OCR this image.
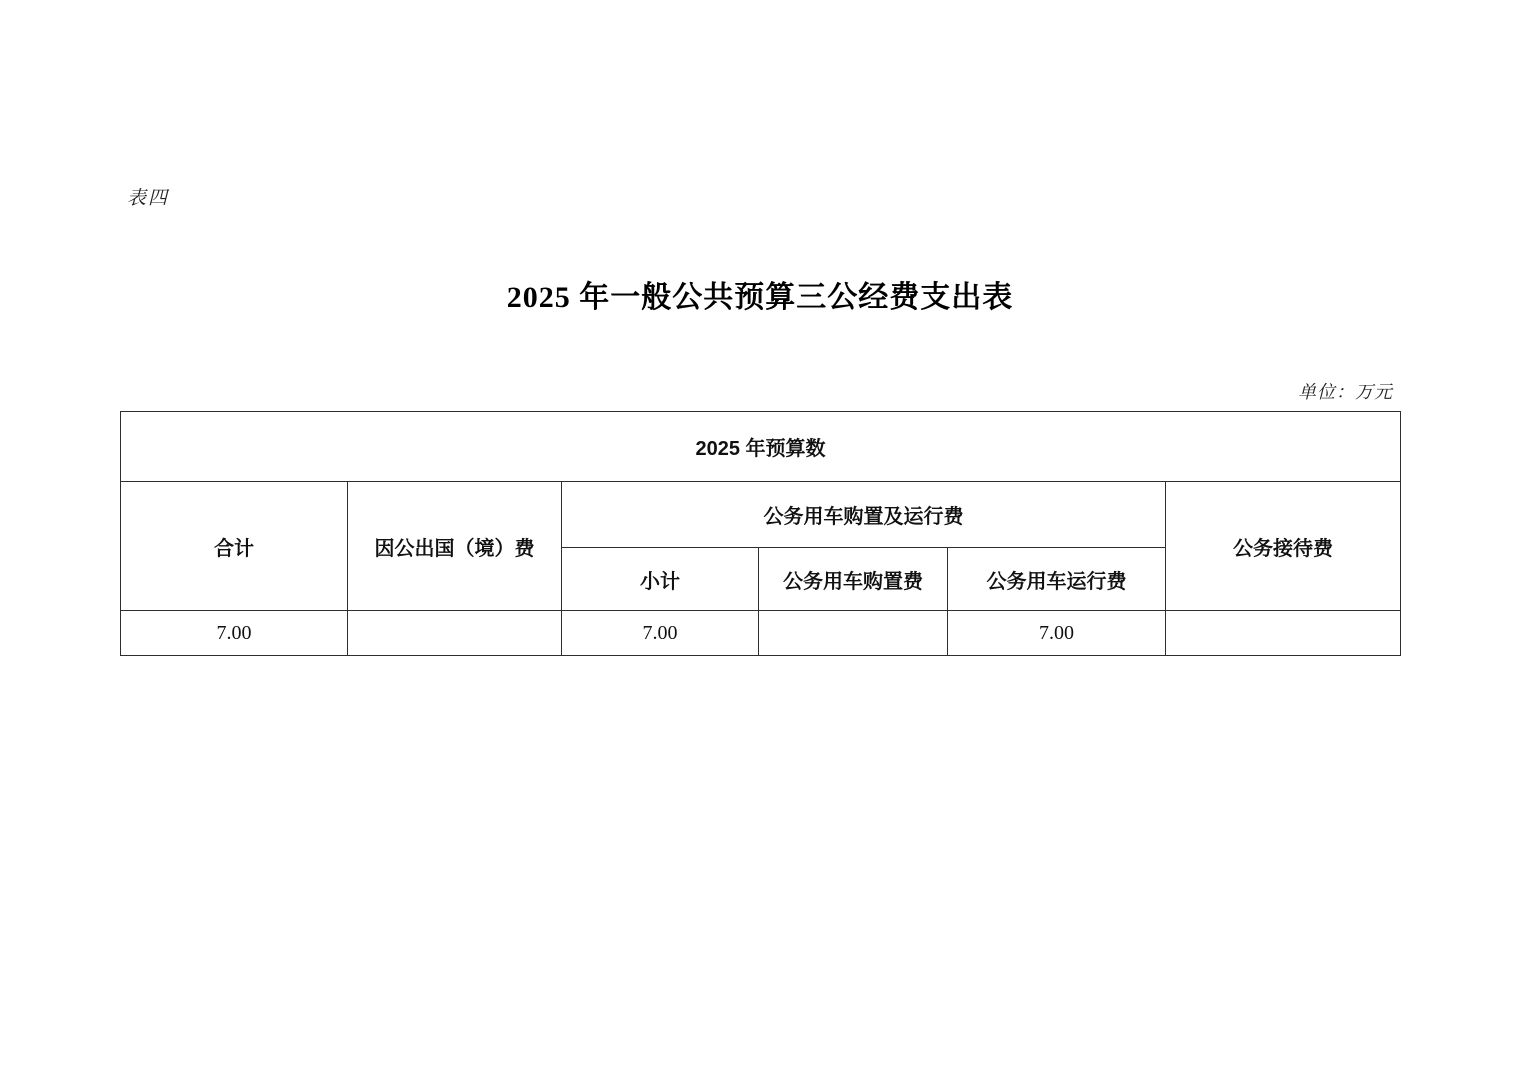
表四
2025 年一般公共预算三公经费支出表
单位：万元
2025 年预算数					
合计	因公出国（境）费	公务用车购置及运行费			公务接待费
		小计	公务用车购置费	公务用车运行费	
7.00		7.00		7.00	
